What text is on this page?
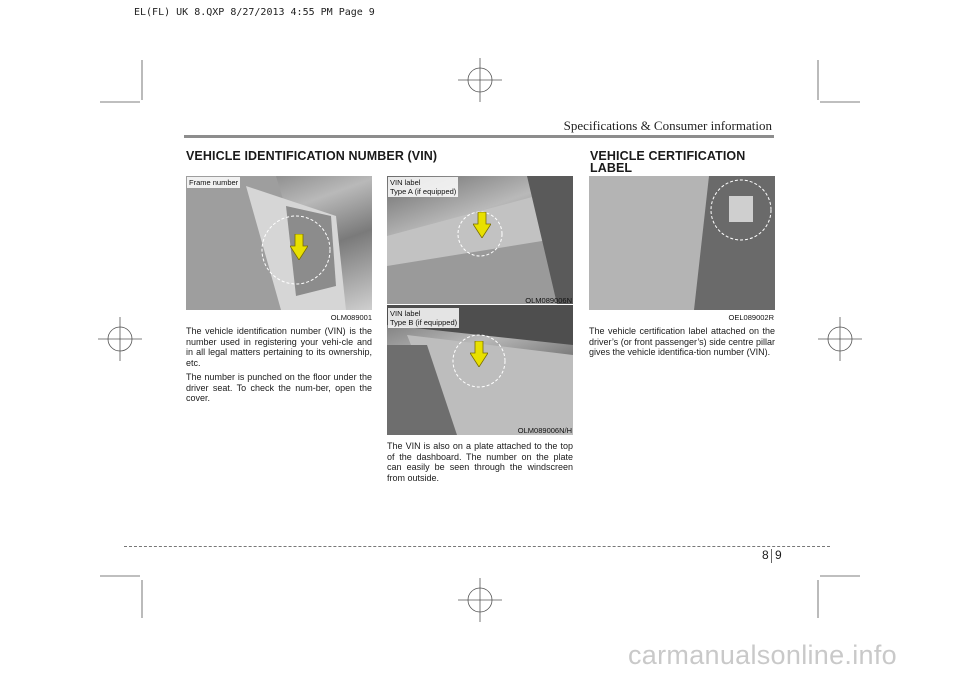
EL(FL) UK 8.QXP 8/27/2013 4:55 PM Page 9
Specifications & Consumer information
VEHICLE IDENTIFICATION NUMBER (VIN)
Frame number
OLM089001

The vehicle identification number (VIN) is the number used in registering your vehi-cle and in all legal matters pertaining to its ownership, etc.

The number is punched on the floor under the driver seat. To check the num-ber, open the cover.

VIN label
Type A (if equipped)
OLM089006N
VIN label
Type B (if equipped)
OLM089006N/H

The VIN is also on a plate attached to the top of the dashboard. The number on the plate can easily be seen through the windscreen from outside.

VEHICLE CERTIFICATION
LABEL
OEL089002R

The vehicle certification label attached on the driver’s (or front passenger’s) side centre pillar gives the vehicle identifica-tion number (VIN).

8 9
carmanualsonline.info
